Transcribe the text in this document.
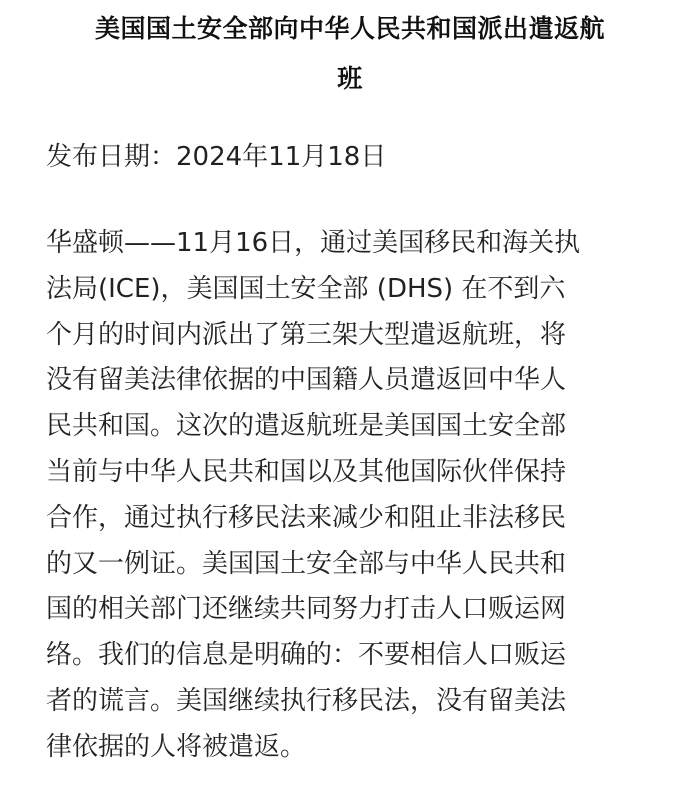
美国国土安全部向中华人民共和国派出遣返航
班

发布日期：2024年11月18日

华盛顿——11月16日，通过美国移民和海关执
法局(ICE)，美国国土安全部 (DHS) 在不到六
个月的时间内派出了第三架大型遣返航班，将
没有留美法律依据的中国籍人员遣返回中华人
民共和国。这次的遣返航班是美国国土安全部
当前与中华人民共和国以及其他国际伙伴保持
合作，通过执行移民法来减少和阻止非法移民
的又一例证。美国国土安全部与中华人民共和
国的相关部门还继续共同努力打击人口贩运网
络。我们的信息是明确的：不要相信人口贩运
者的谎言。美国继续执行移民法，没有留美法
律依据的人将被遣返。
